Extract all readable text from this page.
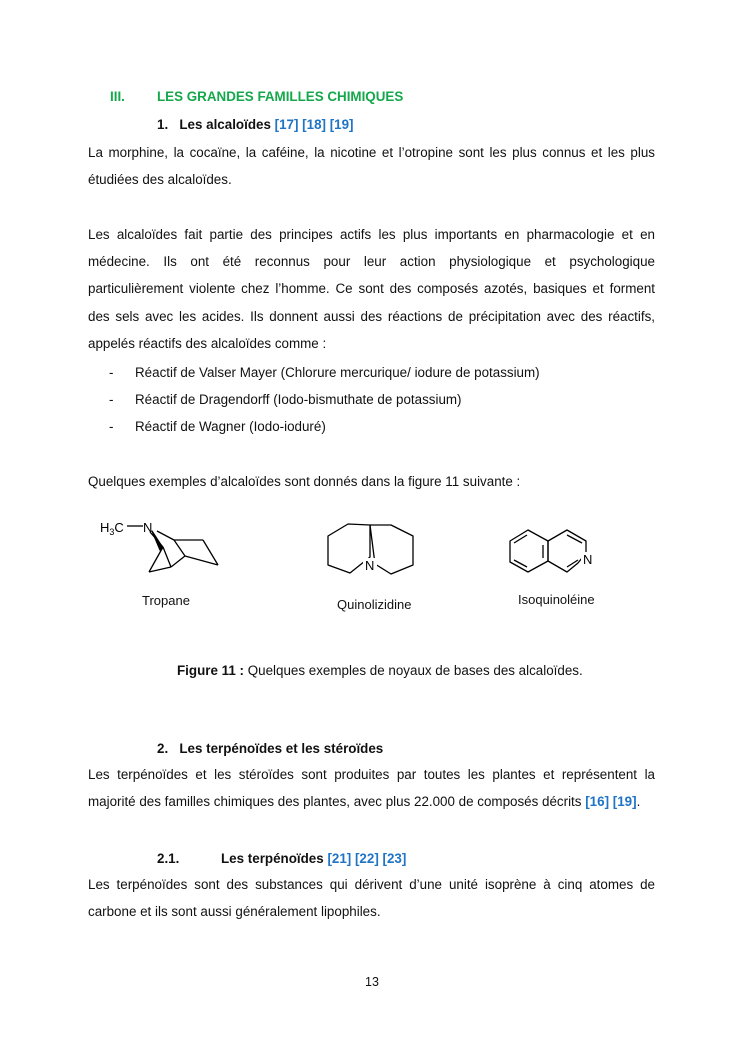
III. LES GRANDES FAMILLES CHIMIQUES
1. Les alcaloïdes [17] [18] [19]
La morphine, la cocaïne, la caféine, la nicotine et l’otropine sont les plus connus et les plus étudiées des alcaloïdes.
Les alcaloïdes fait partie des principes actifs les plus importants en pharmacologie et en médecine. Ils ont été reconnus pour leur action physiologique et psychologique particulièrement violente chez l’homme. Ce sont des composés azotés, basiques et forment des sels avec les acides. Ils donnent aussi des réactions de précipitation avec des réactifs, appelés réactifs des alcaloïdes comme :
- Réactif de Valser Mayer (Chlorure mercurique/ iodure de potassium)
- Réactif de Dragendorff (Iodo-bismuthate de potassium)
- Réactif de Wagner (Iodo-ioduré)
Quelques exemples d’alcaloïdes sont donnés dans la figure 11 suivante :
$H_3C$ N
N	N
Tropane	Quinolizidine	Isoquinoléine
Figure 11 : Quelques exemples de noyaux de bases des alcaloïdes.
2. Les terpénoïdes et les stéroïdes
Les terpénoïdes et les stéroïdes sont produites par toutes les plantes et représentent la majorité des familles chimiques des plantes, avec plus 22.000 de composés décrits [16] [19].
2.1.	Les terpénoïdes [21] [22] [23]
Les terpénoïdes sont des substances qui dérivent d’une unité isoprène à cinq atomes de carbone et ils sont aussi généralement lipophiles.
13
